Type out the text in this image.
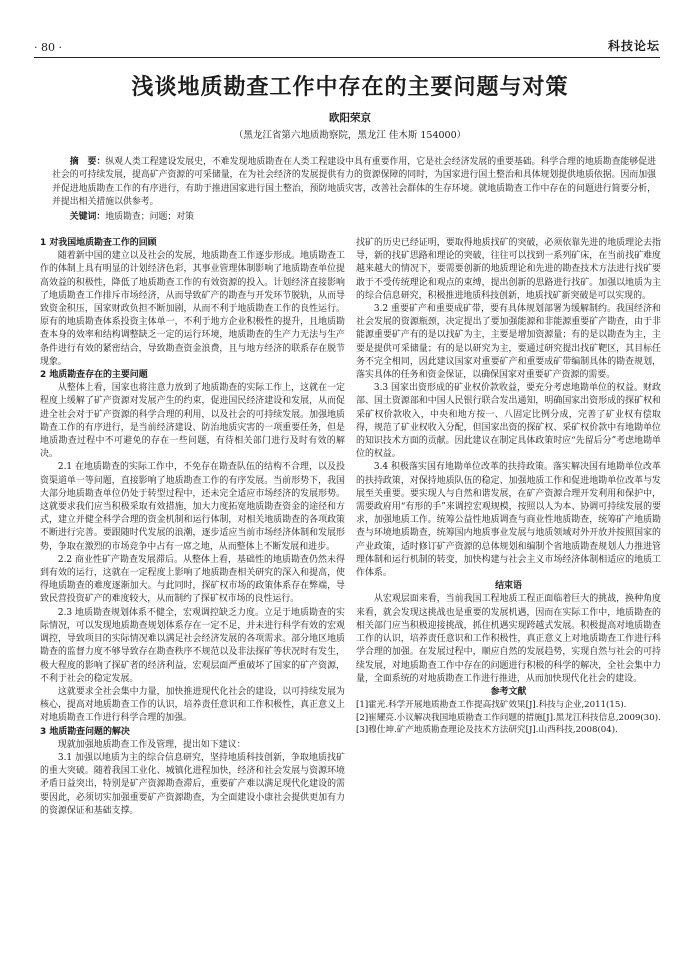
· 80 ·	科技论坛
浅谈地质勘查工作中存在的主要问题与对策
欧阳荣京
（黑龙江省第六地质勘察院，黑龙江 佳木斯 154000）
摘　要：纵观人类工程建设发展史，不难发现地质勘查在人类工程建设中具有重要作用，它是社会经济发展的重要基础。科学合理的地质勘查能够促进社会的可持续发展，提高矿产资源的可采储量，在为社会经济的发展提供有力的资源保障的同时，为国家进行国土整治和具体规划提供地质依据。因而加强并促进地质勘查工作的有序进行，有助于推进国家进行国土整治，预防地质灾害，改善社会群体的生存环境。就地质勘查工作中存在的问题进行简要分析，并提出相关措施以供参考。
关键词：地质勘查；问题；对策
1 对我国地质勘查工作的回顾

随着新中国的建立以及社会的发展，地质勘查工作逐步形成。地质勘查工作的体制上具有明显的计划经济色彩，其事业管理体制影响了地质勘查单位提高效益的积极性，降低了地质勘查工作的有效资源的投入。计划经济直接影响了地质勘查工作排斥市场经济，从而导致矿产的勘查与开发环节脱轨，从而导致资金积压，国家财政负担不断加剧，从而不利于地质勘查工作的良性运行。原有的地质勘查体系投资主体单一，不利于地方企业积极性的提升，且地质勘查本身的效率和结构调整缺乏一定的运行环境，地质勘查的生产力无法与生产条件进行有效的紧密结合，导致勘查资金浪费，且与地方经济的联系存在脱节现象。

2 地质勘查存在的主要问题

从整体上看，国家也将注意力放到了地质勘查的实际工作上，这就在一定程度上缓解了矿产资源对发展产生的约束，促进国民经济建设和发展，从而促进全社会对于矿产资源的科学合理的利用，以及社会的可持续发展。加强地质勘查工作的有序进行，是当前经济建设、防治地质灾害的一项重要任务，但是地质勘查过程中不可避免的存在一些问题，有待相关部门进行及时有效的解决。

2.1 在地质勘查的实际工作中，不免存在勘查队伍的结构不合理，以及投资渠道单一等问题，直接影响了地质勘查工作的有序发展。当前形势下，我国大部分地质勘查单位仍处于转型过程中，还未完全适应市场经济的发展形势。这就要求我们应当积极采取有效措施，加大力度拓宽地质勘查资金的途径和方式，建立并健全科学合理的资金机制和运行体制，对相关地质勘查的各项政策不断进行完善。要跟随时代发展的浪潮，逐步适应当前市场经济体制和发展形势，争取在激烈的市场竞争中占有一席之地，从而整体上不断发展和进步。

2.2 商业性矿产勘查发展滞后。从整体上看，基础性的地质勘查仍然未得到有效的运行，这就在一定程度上影响了地质勘查相关研究的深入和提高，使得地质勘查的难度逐渐加大。与此同时，探矿权市场的政策体系存在弊端，导致民营投资矿产的难度较大，从而制约了探矿权市场的良性运行。

2.3 地质勘查规划体系不健全，宏观调控缺乏力度。立足于地质勘查的实际情况，可以发现地质勘查规划体系存在一定不足，并未进行科学有效的宏观调控，导致项目的实际情况难以满足社会经济发展的各项需求。部分地区地质勘查的监督力度不够导致存在勘查秩序不规范以及非法探矿等状况时有发生，极大程度的影响了探矿者的经济利益，宏观层面严重破坏了国家的矿产资源，不利于社会的稳定发展。

这就要求全社会集中力量，加快推进现代化社会的建设，以可持续发展为核心，提高对地质勘查工作的认识，培养责任意识和工作积极性，真正意义上对地质勘查工作进行科学合理的加强。

3 地质勘查问题的解决

现就加强地质勘查工作及管理，提出如下建议：

3.1 加强以地质为主的综合信息研究，坚持地质科技创新，争取地质找矿的重大突破。随着我国工业化、城镇化进程加快，经济和社会发展与资源环境矛盾日益突出，特别是矿产资源勘查滞后，重要矿产难以满足现代化建设的需要因此，必须切实加强重要矿产资源勘查，为全面建设小康社会提供更加有力的资源保证和基础支撑。

找矿的历史已经证明，要取得地质找矿的突破，必须依靠先进的地质理论去指导，新的找矿思路和理论的突破，往往可以找到一系列矿床，在当前找矿难度越来越大的情况下，要需要创新的地质理论和先进的勘查技术方法进行找矿要敢于不受传统理论和观点的束缚，提出创新的思路进行找矿。加强以地质为主的综合信息研究，积极推进地质科技创新，地质找矿新突破是可以实现的。

3.2 重要矿产和重要成矿带，要有具体规划部署为缓解制约。我国经济和社会发展的资源瓶颈，决定提出了要加强能源和非能源重要矿产勘查，由于非能源重要矿产有的是以找矿为主，主要是增加资源量；有的是以勘查为主，主要是提供可采储量；有的是以研究为主，要通过研究提出找矿靶区，其目标任务不完全相同，因此建议国家对重要矿产和重要成矿带编制具体的勘查规划，落实具体的任务和资金保证，以确保国家对重要矿产资源的需要。

3.3 国家出资形成的矿业权价款收益，要充分考虑地勘单位的权益。财政部、国土资源部和中国人民银行联合发出通知，明确国家出资形成的探矿权和采矿权价款收入，中央和地方按一、八固定比例分成，完善了矿业权有偿取得，规范了矿业权收入分配，但国家出资的探矿权、采矿权价款中有地勘单位的知识技术方面的贡献。因此建议在制定具体政策时应“先留后分”考虑地勘单位的权益。

3.4 积极落实国有地勘单位改革的扶持政策。落实解决国有地勘单位改革的扶持政策，对保持地质队伍的稳定、加强地质工作和促进地勘单位改革与发展至关重要。要实现人与自然和谐发展，在矿产资源合理开发利用和保护中，需要政府用“有形的手”来调控宏观规模，按照以人为本、协调可持续发展的要求，加强地质工作。统筹公益性地质调查与商业性地质勘查，统筹矿产地质勘查与环境地质勘查，统筹国内地质事业发展与地质领域对外开放并按照国家的产业政策，适时修订矿产资源的总体规划和编制个省地质勘查规划人力推进管理体制和运行机制的转变，加快构建与社会主义市场经济体制相适应的地质工作体系。

结束语

从宏观层面来看，当前我国工程地质工程正面临着巨大的挑战，换种角度来看，就会发现这挑战也是重要的发展机遇，因而在实际工作中，地质勘查的相关部门应当积极迎接挑战，抓住机遇实现跨越式发展。积极提高对地质勘查工作的认识，培养责任意识和工作积极性，真正意义上对地质勘查工作进行科学合理的加强。在发展过程中，顺应自然的发展趋势，实现自然与社会的可持续发展，对地质勘查工作中存在的问题进行积极的科学的解决，全社会集中力量，全面系统的对地质勘查工作进行推进，从而加快现代化社会的建设。

参考文献
[1]霍光.科学开展地质勘查工作提高找矿效果[J].科技与企业,2011(15).
[2]崔耀亮.小议解决我国地质勘查工作问题的措施[J].黑龙江科技信息,2009(30).
[3]穆仕坤.矿产地质勘查理论及技术方法研究[J].山西科技,2008(04).
